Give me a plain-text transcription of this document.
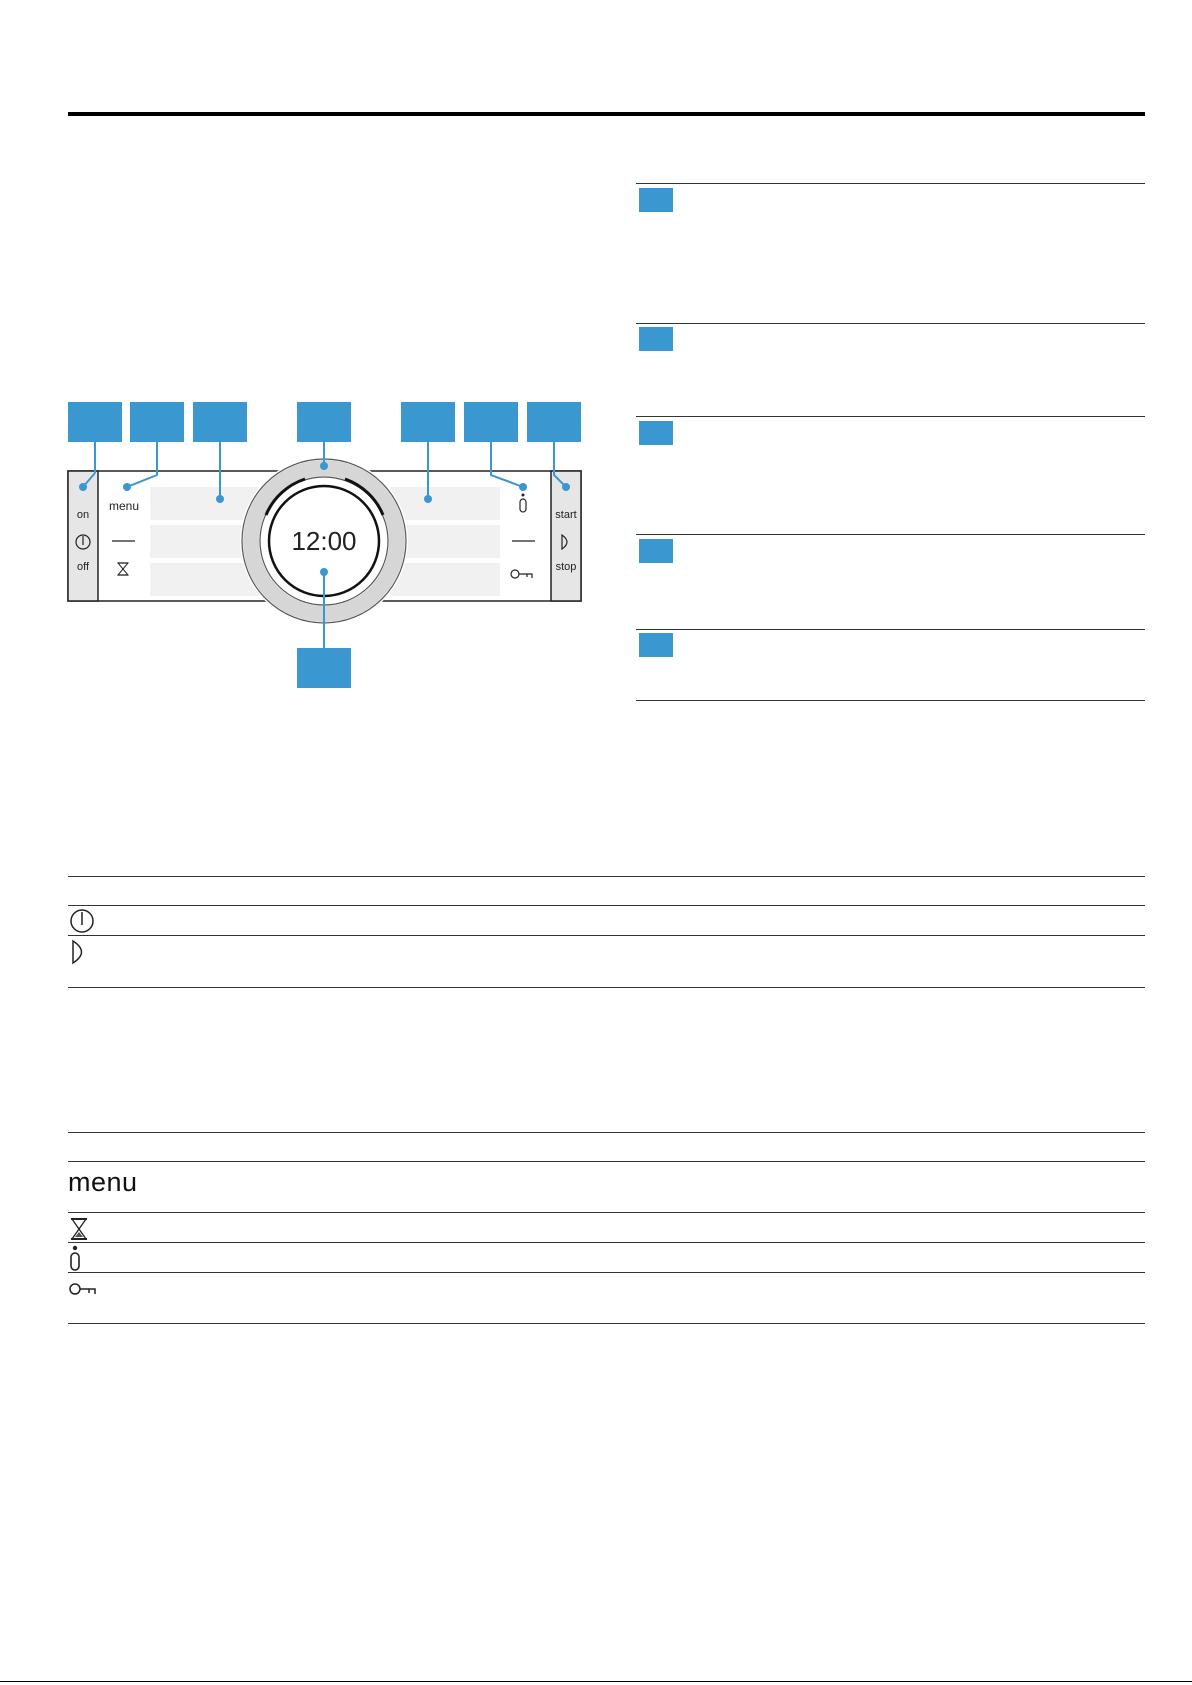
on
off
menu
start
stop
12:00
menu
